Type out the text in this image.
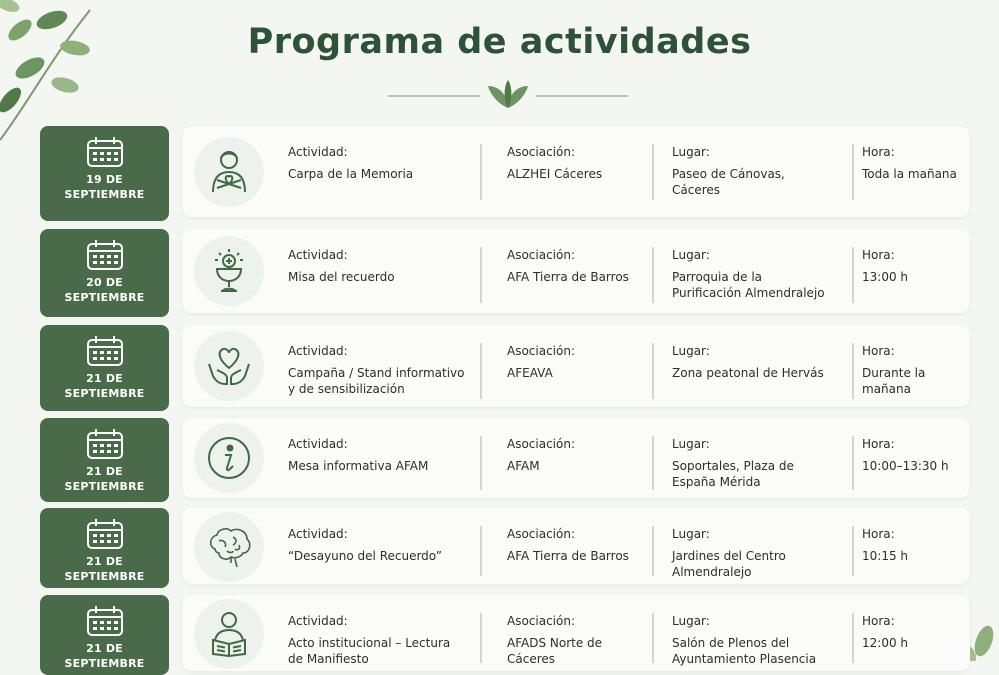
Programa de actividades
19 DE
SEPTIEMBRE
Actividad:
Carpa de la Memoria
Asociación:
ALZHEI Cáceres
Lugar:
Paseo de Cánovas, Cáceres
Hora:
Toda la mañana
20 DE
SEPTIEMBRE
Actividad:
Misa del recuerdo
Asociación:
AFA Tierra de Barros
Lugar:
Parroquia de la Purificación Almendralejo
Hora:
13:00 h
21 DE
SEPTIEMBRE
Actividad:
Campaña / Stand informativo y de sensibilización
Asociación:
AFEAVA
Lugar:
Zona peatonal de Hervás
Hora:
Durante la mañana
21 DE
SEPTIEMBRE
Actividad:
Mesa informativa AFAM
Asociación:
AFAM
Lugar:
Soportales, Plaza de España Mérida
Hora:
10:00–13:30 h
21 DE
SEPTIEMBRE
Actividad:
“Desayuno del Recuerdo”
Asociación:
AFA Tierra de Barros
Lugar:
Jardines del Centro Almendralejo
Hora:
10:15 h
21 DE
SEPTIEMBRE
Actividad:
Acto institucional – Lectura de Manifiesto
Asociación:
AFADS Norte de Cáceres
Lugar:
Salón de Plenos del Ayuntamiento Plasencia
Hora:
12:00 h
